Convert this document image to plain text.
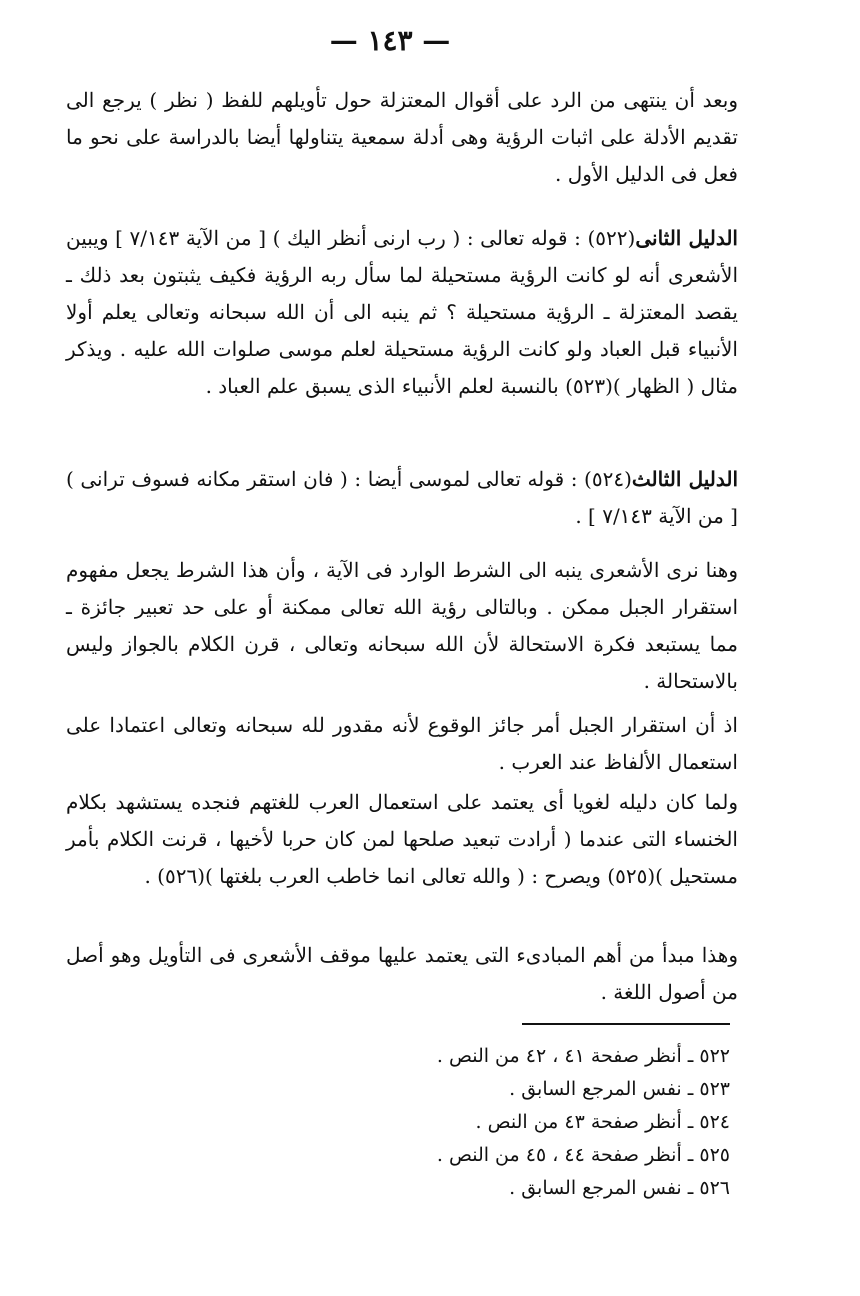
— ١٤٣ —

وبعد أن ينتهى من الرد على أقوال المعتزلة حول تأويلهم للفظ ( نظر ) يرجع الى تقديم الأدلة على اثبات الرؤية وهى أدلة سمعية يتناولها أيضا بالدراسة على نحو ما فعل فى الدليل الأول .

الدليل الثانى(٥٢٢) : قوله تعالى : ( رب ارنى أنظر اليك ) [ من الآية ٧/١٤٣ ] ويبين الأشعرى أنه لو كانت الرؤية مستحيلة لما سأل ربه الرؤية فكيف يثبتون بعد ذلك ـ يقصد المعتزلة ـ الرؤية مستحيلة ؟ ثم ينبه الى أن الله سبحانه وتعالى يعلم أولا الأنبياء قبل العباد ولو كانت الرؤية مستحيلة لعلم موسى صلوات الله عليه . ويذكر مثال ( الظهار )(٥٢٣) بالنسبة لعلم الأنبياء الذى يسبق علم العباد .

الدليل الثالث(٥٢٤) : قوله تعالى لموسى أيضا : ( فان استقر مكانه فسوف ترانى ) [ من الآية ٧/١٤٣ ] .

وهنا نرى الأشعرى ينبه الى الشرط الوارد فى الآية ، وأن هذا الشرط يجعل مفهوم استقرار الجبل ممكن . وبالتالى رؤية الله تعالى ممكنة أو على حد تعبير جائزة ـ مما يستبعد فكرة الاستحالة لأن الله سبحانه وتعالى ، قرن الكلام بالجواز وليس بالاستحالة .

اذ أن استقرار الجبل أمر جائز الوقوع لأنه مقدور لله سبحانه وتعالى اعتمادا على استعمال الألفاظ عند العرب .

ولما كان دليله لغويا أى يعتمد على استعمال العرب للغتهم فنجده يستشهد بكلام الخنساء التى عندما ( أرادت تبعيد صلحها لمن كان حربا لأخيها ، قرنت الكلام بأمر مستحيل )(٥٢٥) ويصرح : ( والله تعالى انما خاطب العرب بلغتها )(٥٢٦) .

وهذا مبدأ من أهم المبادىء التى يعتمد عليها موقف الأشعرى فى التأويل وهو أصل من أصول اللغة .

٥٢٢ ـ أنظر صفحة ٤١ ، ٤٢ من النص .
٥٢٣ ـ نفس المرجع السابق .
٥٢٤ ـ أنظر صفحة ٤٣ من النص .
٥٢٥ ـ أنظر صفحة ٤٤ ، ٤٥ من النص .
٥٢٦ ـ نفس المرجع السابق .
